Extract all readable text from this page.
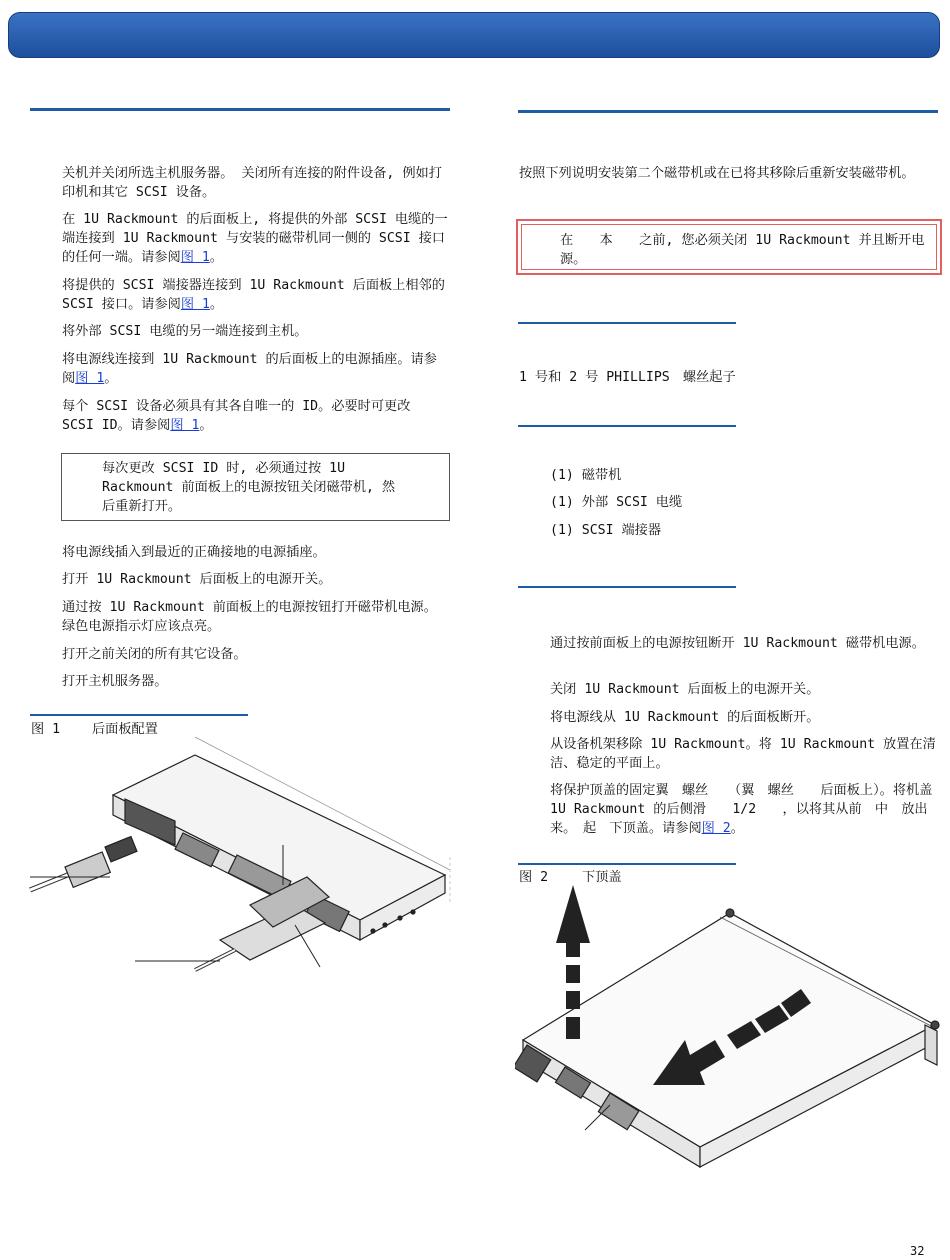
关机并关闭所选主机服务器。 关闭所有连接的附件设备, 例如打印机和其它 SCSI 设备。
在 1U Rackmount 的后面板上, 将提供的外部 SCSI 电缆的一端连接到 1U Rackmount 与安装的磁带机同一侧的 SCSI 接口的任何一端。请参阅图 1。
将提供的 SCSI 端接器连接到 1U Rackmount 后面板上相邻的 SCSI 接口。请参阅图 1。
将外部 SCSI 电缆的另一端连接到主机。
将电源线连接到 1U Rackmount 的后面板上的电源插座。请参阅图 1。
每个 SCSI 设备必须具有其各自唯一的 ID。必要时可更改 SCSI ID。请参阅图 1。
每次更改 SCSI ID 时, 必须通过按 1U Rackmount 前面板上的电源按钮关闭磁带机, 然后重新打开。
将电源线插入到最近的正确接地的电源插座。
打开 1U Rackmount 后面板上的电源开关。
通过按 1U Rackmount 前面板上的电源按钮打开磁带机电源。绿色电源指示灯应该点亮。
打开之前关闭的所有其它设备。
打开主机服务器。
图 1 后面板配置
按照下列说明安装第二个磁带机或在已将其移除后重新安装磁带机。
在　　本　　之前, 您必须关闭 1U Rackmount 并且断开电源。
1 号和 2 号 PHILLIPS　螺丝起子
(1) 磁带机
(1) 外部 SCSI 电缆
(1) SCSI 端接器
通过按前面板上的电源按钮断开 1U Rackmount 磁带机电源。
关闭 1U Rackmount 后面板上的电源开关。
将电源线从 1U Rackmount 的后面板断开。
从设备机架移除 1U Rackmount。将 1U Rackmount 放置在清洁、稳定的平面上。
将保护顶盖的固定翼　螺丝　　（翼　螺丝　　后面板上）。将机盖　1U Rackmount 的后侧滑　　1/2　　，以将其从前　中　放出来。　起　下顶盖。请参阅图 2。
图 2	下顶盖
32
